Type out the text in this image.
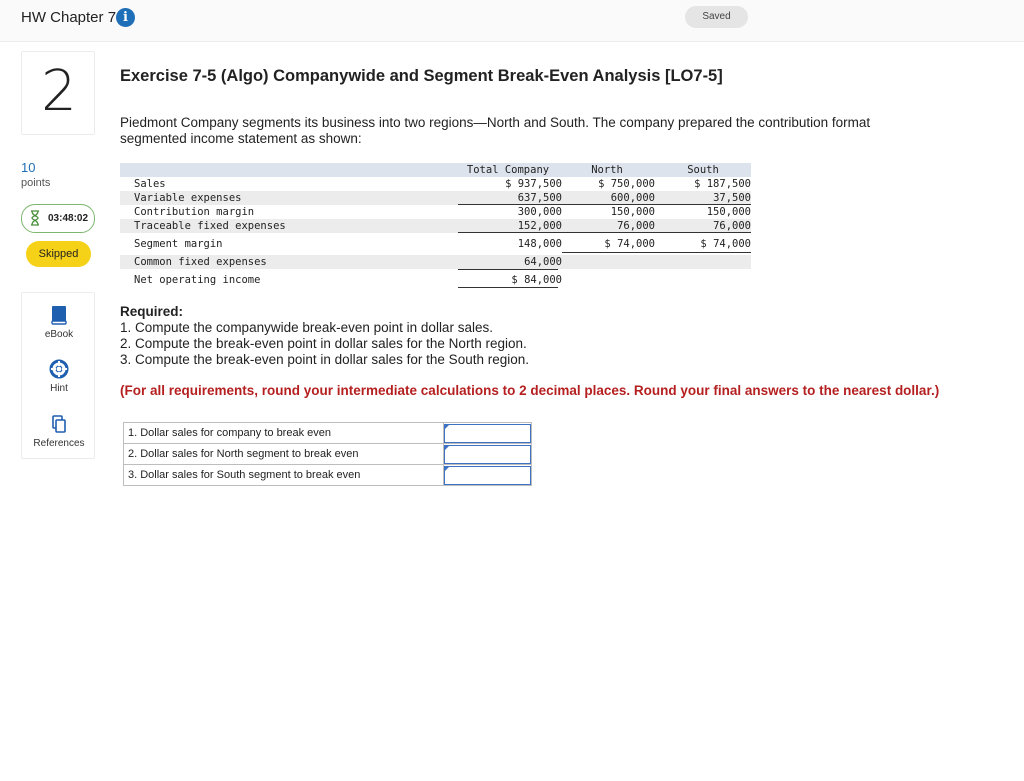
HW Chapter 7 i	Saved
2
10
points
03:48:02
Skipped
eBook
Hint
References
Exercise 7-5 (Algo) Companywide and Segment Break-Even Analysis [LO7-5]
Piedmont Company segments its business into two regions—North and South. The company prepared the contribution format segmented income statement as shown:
Total Company	North	South
Sales	$ 937,500	$ 750,000	$ 187,500
Variable expenses	637,500	600,000	37,500
Contribution margin	300,000	150,000	150,000
Traceable fixed expenses	152,000	76,000	76,000
Segment margin	148,000	$ 74,000	$ 74,000
Common fixed expenses	64,000
Net operating income	$ 84,000
Required:
1. Compute the companywide break-even point in dollar sales.
2. Compute the break-even point in dollar sales for the North region.
3. Compute the break-even point in dollar sales for the South region.
(For all requirements, round your intermediate calculations to 2 decimal places. Round your final answers to the nearest dollar.)
1. Dollar sales for company to break even	

2. Dollar sales for North segment to break even	

3. Dollar sales for South segment to break even	
